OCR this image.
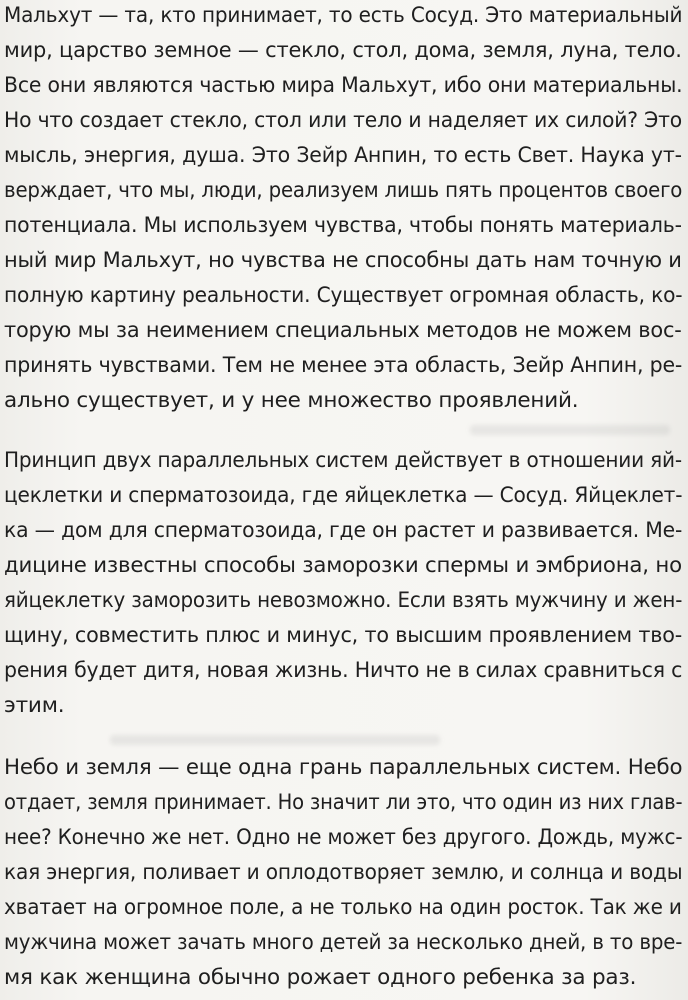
Мальхут — та, кто принимает, то есть Сосуд. Это материальный
мир, царство земное — стекло, стол, дома, земля, луна, тело.
Все они являются частью мира Мальхут, ибо они материальны.
Но что создает стекло, стол или тело и наделяет их силой? Это
мысль, энергия, душа. Это Зейр Анпин, то есть Свет. Наука ут-
верждает, что мы, люди, реализуем лишь пять процентов своего
потенциала. Мы используем чувства, чтобы понять материаль-
ный мир Мальхут, но чувства не способны дать нам точную и
полную картину реальности. Существует огромная область, ко-
торую мы за неимением специальных методов не можем вос-
принять чувствами. Тем не менее эта область, Зейр Анпин, ре-
ально существует, и у нее множество проявлений.
Принцип двух параллельных систем действует в отношении яй-
цеклетки и сперматозоида, где яйцеклетка — Сосуд. Яйцеклет-
ка — дом для сперматозоида, где он растет и развивается. Ме-
дицине известны способы заморозки спермы и эмбриона, но
яйцеклетку заморозить невозможно. Если взять мужчину и жен-
щину, совместить плюс и минус, то высшим проявлением тво-
рения будет дитя, новая жизнь. Ничто не в силах сравниться с
этим.
Небо и земля — еще одна грань параллельных систем. Небо
отдает, земля принимает. Но значит ли это, что один из них глав-
нее? Конечно же нет. Одно не может без другого. Дождь, мужс-
кая энергия, поливает и оплодотворяет землю, и солнца и воды
хватает на огромное поле, а не только на один росток. Так же и
мужчина может зачать много детей за несколько дней, в то вре-
мя как женщина обычно рожает одного ребенка за раз.
